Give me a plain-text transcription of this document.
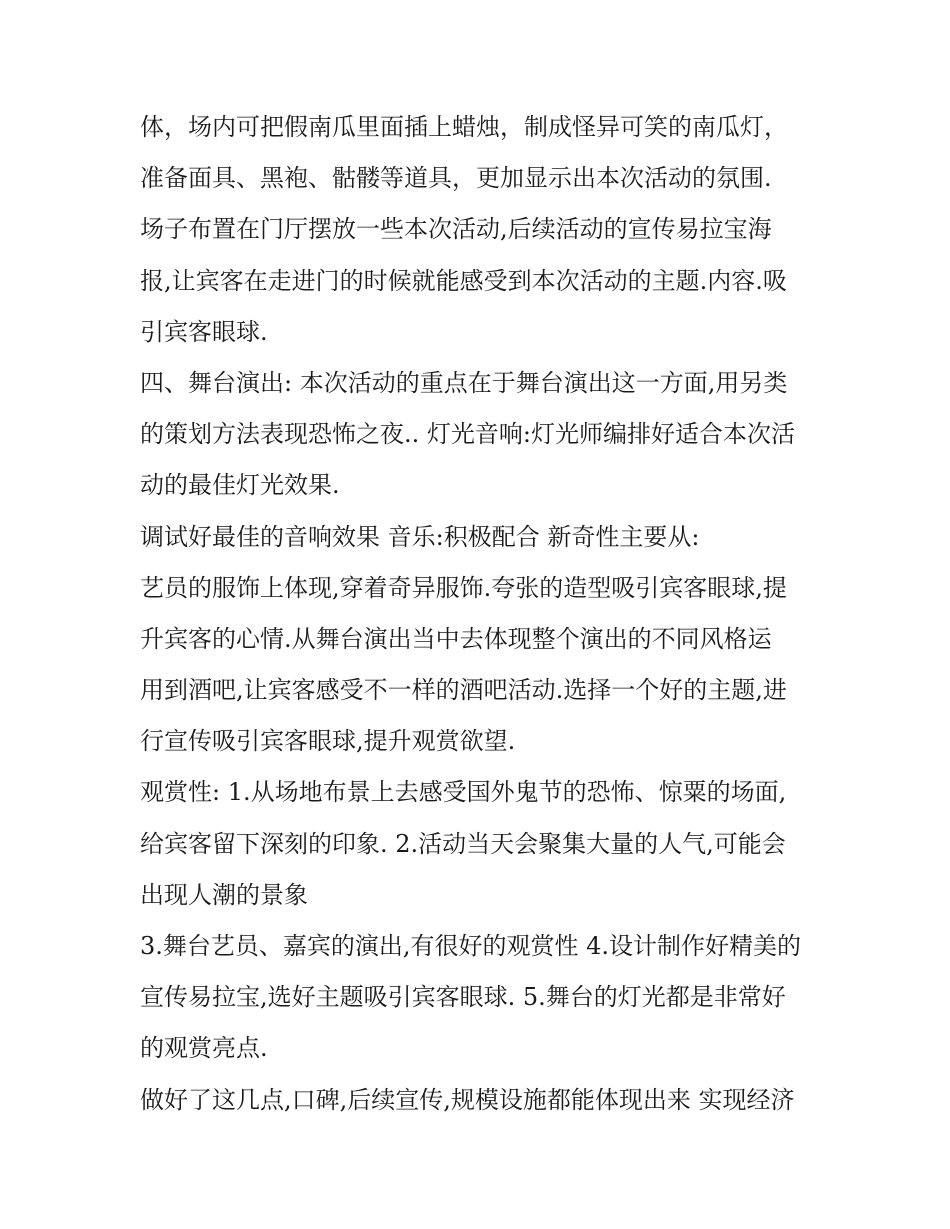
体，场内可把假南瓜里面插上蜡烛，制成怪异可笑的南瓜灯，
准备面具、黑袍、骷髅等道具，更加显示出本次活动的氛围.
场子布置在门厅摆放一些本次活动,后续活动的宣传易拉宝海
报,让宾客在走进门的时候就能感受到本次活动的主题.内容.吸
引宾客眼球.
四、舞台演出: 本次活动的重点在于舞台演出这一方面,用另类
的策划方法表现恐怖之夜.. 灯光音响:灯光师编排好适合本次活
动的最佳灯光效果.
调试好最佳的音响效果 音乐:积极配合 新奇性主要从:
艺员的服饰上体现,穿着奇异服饰.夸张的造型吸引宾客眼球,提
升宾客的心情.从舞台演出当中去体现整个演出的不同风格运
用到酒吧,让宾客感受不一样的酒吧活动.选择一个好的主题,进
行宣传吸引宾客眼球,提升观赏欲望.
观赏性: 1.从场地布景上去感受国外鬼节的恐怖、惊粟的场面,
给宾客留下深刻的印象. 2.活动当天会聚集大量的人气,可能会
出现人潮的景象
3.舞台艺员、嘉宾的演出,有很好的观赏性 4.设计制作好精美的
宣传易拉宝,选好主题吸引宾客眼球. 5.舞台的灯光都是非常好
的观赏亮点.
做好了这几点,口碑,后续宣传,规模设施都能体现出来 实现经济
